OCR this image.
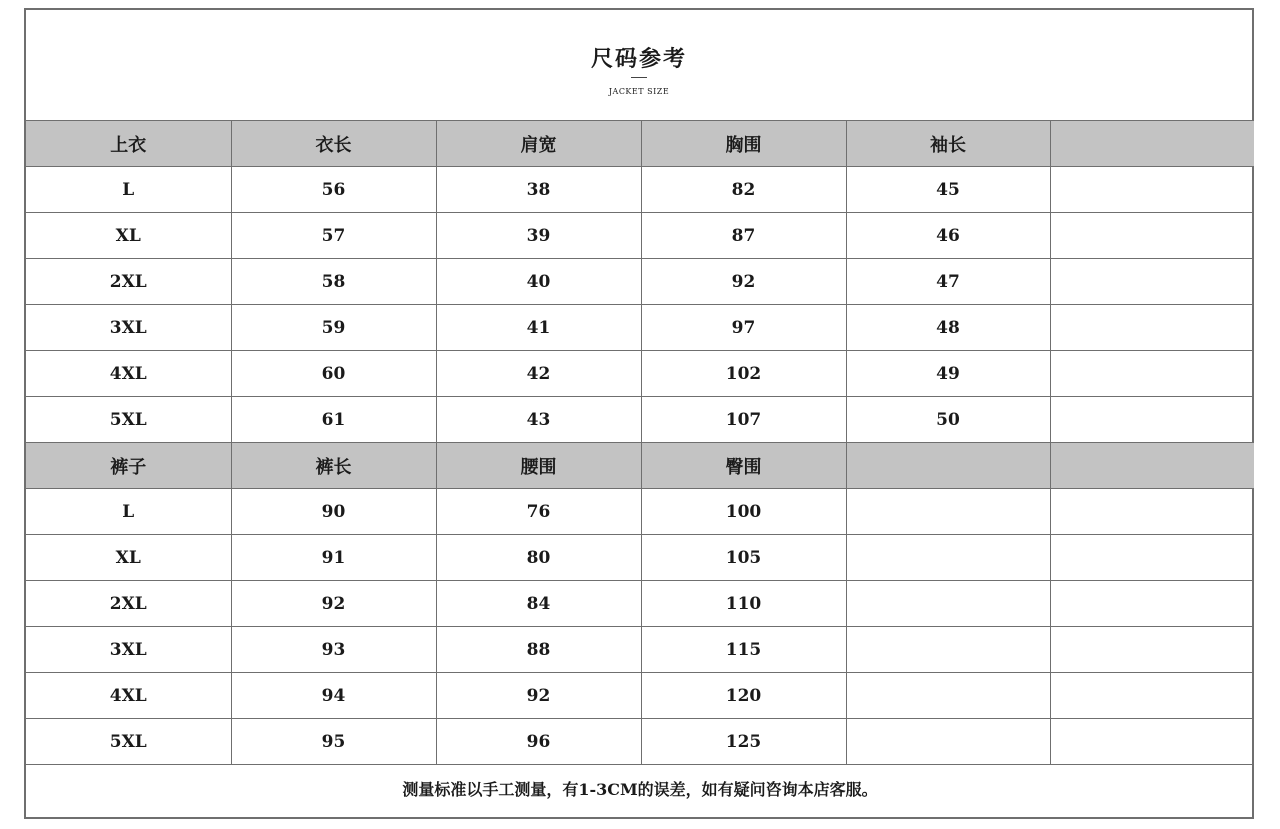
尺码参考
JACKET SIZE
上衣	衣长	肩宽	胸围	袖长	
L	56	38	82	45	
XL	57	39	87	46	
2XL	58	40	92	47	
3XL	59	41	97	48	
4XL	60	42	102	49	
5XL	61	43	107	50	
裤子	裤长	腰围	臀围		
L	90	76	100		
XL	91	80	105		
2XL	92	84	110		
3XL	93	88	115		
4XL	94	92	120		
5XL	95	96	125		
测量标准以手工测量，有1-3CM的误差，如有疑问咨询本店客服。					
